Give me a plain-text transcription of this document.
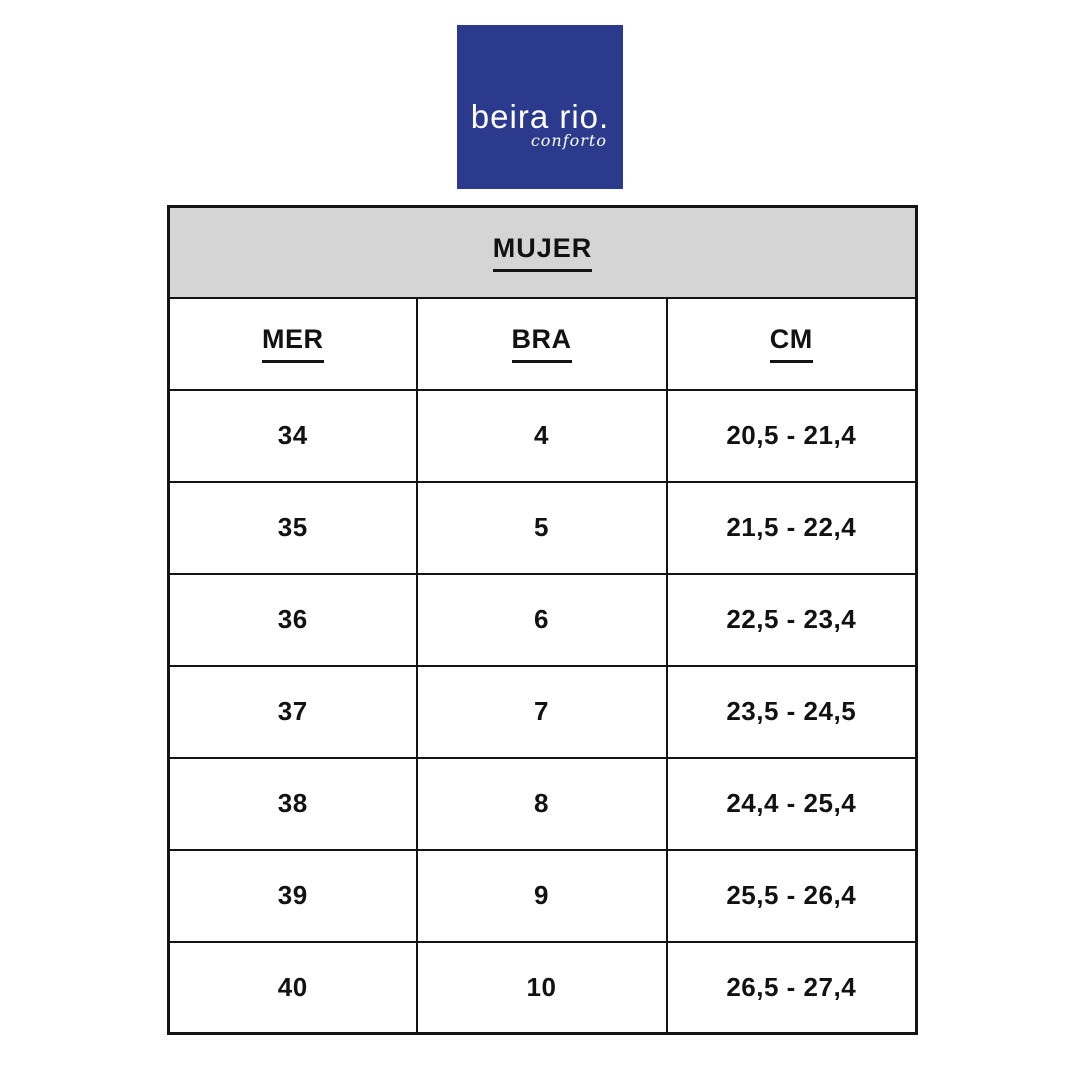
beira rio.
conforto
MUJER		
MER	BRA	CM
34	4	20,5 - 21,4
35	5	21,5 - 22,4
36	6	22,5 - 23,4
37	7	23,5 - 24,5
38	8	24,4 - 25,4
39	9	25,5 - 26,4
40	10	26,5 - 27,4
